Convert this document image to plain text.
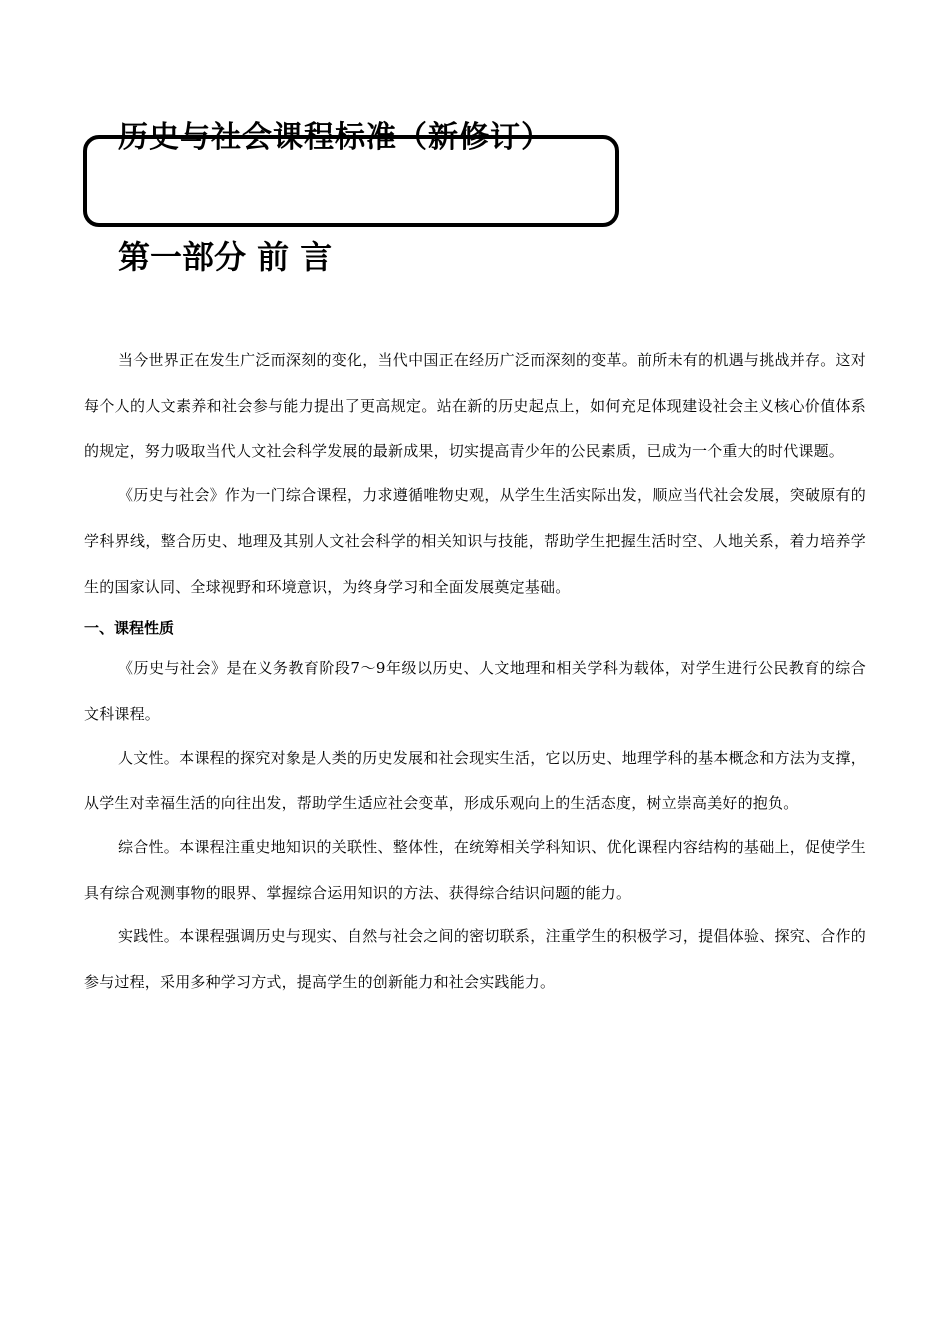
历史与社会课程标准（新修订）
第一部分 前 言

当今世界正在发生广泛而深刻的变化，当代中国正在经历广泛而深刻的变革。前所未有的机遇与挑战并存。这对每个人的人文素养和社会参与能力提出了更高规定。站在新的历史起点上，如何充足体现建设社会主义核心价值体系的规定，努力吸取当代人文社会科学发展的最新成果，切实提高青少年的公民素质，已成为一个重大的时代课题。

《历史与社会》作为一门综合课程，力求遵循唯物史观，从学生生活实际出发，顺应当代社会发展，突破原有的学科界线，整合历史、地理及其别人文社会科学的相关知识与技能，帮助学生把握生活时空、人地关系，着力培养学生的国家认同、全球视野和环境意识，为终身学习和全面发展奠定基础。

一、课程性质

《历史与社会》是在义务教育阶段7～9年级以历史、人文地理和相关学科为载体，对学生进行公民教育的综合文科课程。

人文性。本课程的探究对象是人类的历史发展和社会现实生活，它以历史、地理学科的基本概念和方法为支撑，从学生对幸福生活的向往出发，帮助学生适应社会变革，形成乐观向上的生活态度，树立崇高美好的抱负。

综合性。本课程注重史地知识的关联性、整体性，在统筹相关学科知识、优化课程内容结构的基础上，促使学生具有综合观测事物的眼界、掌握综合运用知识的方法、获得综合结识问题的能力。

实践性。本课程强调历史与现实、自然与社会之间的密切联系，注重学生的积极学习，提倡体验、探究、合作的参与过程，采用多种学习方式，提高学生的创新能力和社会实践能力。
